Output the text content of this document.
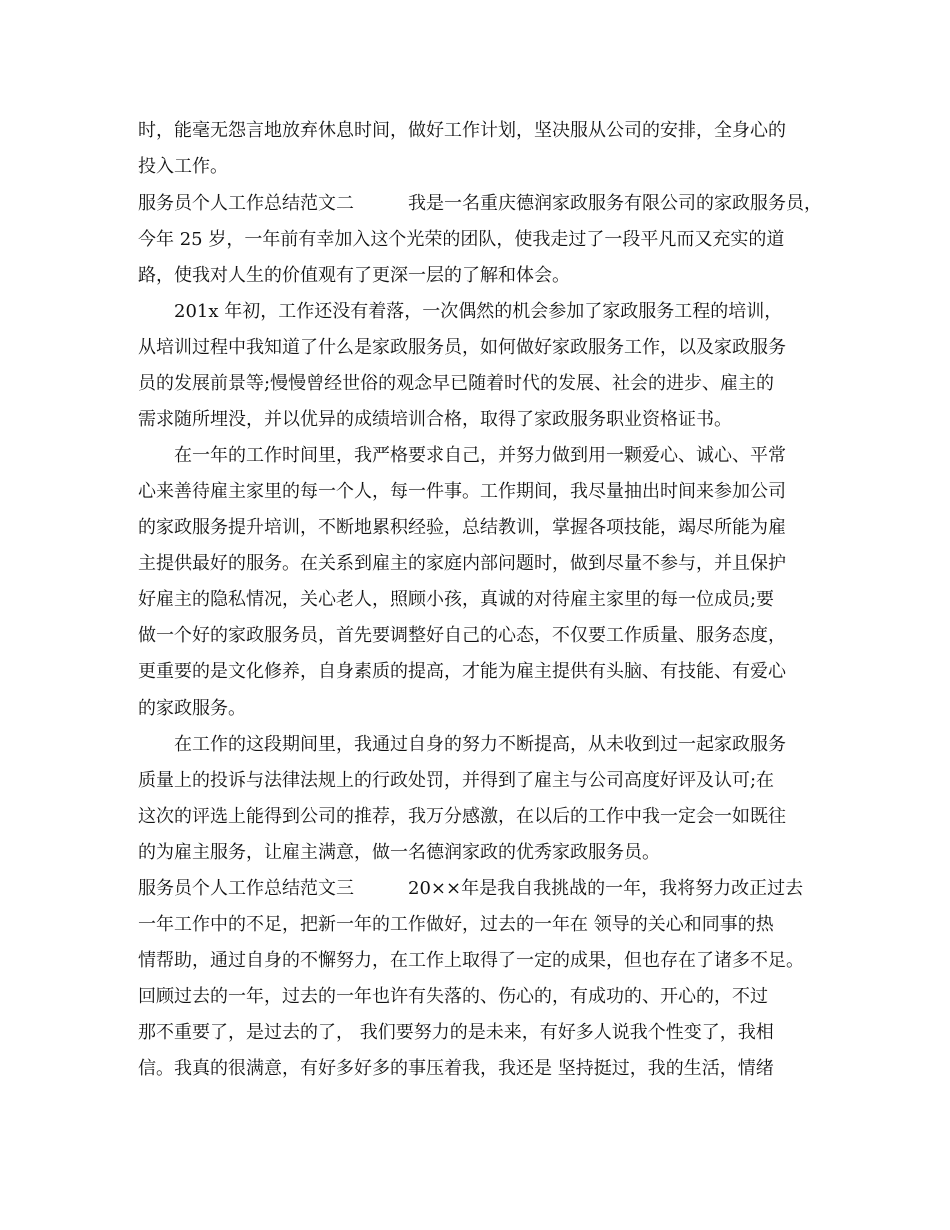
时，能毫无怨言地放弃休息时间，做好工作计划，坚决服从公司的安排，全身心的
投入工作。
服务员个人工作总结范文二　　　我是一名重庆德润家政服务有限公司的家政服务员，
今年 25 岁，一年前有幸加入这个光荣的团队，使我走过了一段平凡而又充实的道
路，使我对人生的价值观有了更深一层的了解和体会。
　　201x 年初，工作还没有着落，一次偶然的机会参加了家政服务工程的培训，
从培训过程中我知道了什么是家政服务员，如何做好家政服务工作，以及家政服务
员的发展前景等;慢慢曾经世俗的观念早已随着时代的发展、社会的进步、雇主的
需求随所埋没，并以优异的成绩培训合格，取得了家政服务职业资格证书。
　　在一年的工作时间里，我严格要求自己，并努力做到用一颗爱心、诚心、平常
心来善待雇主家里的每一个人，每一件事。工作期间，我尽量抽出时间来参加公司
的家政服务提升培训，不断地累积经验，总结教训，掌握各项技能，竭尽所能为雇
主提供最好的服务。在关系到雇主的家庭内部问题时，做到尽量不参与，并且保护
好雇主的隐私情况，关心老人，照顾小孩，真诚的对待雇主家里的每一位成员;要
做一个好的家政服务员，首先要调整好自己的心态，不仅要工作质量、服务态度，
更重要的是文化修养，自身素质的提高，才能为雇主提供有头脑、有技能、有爱心
的家政服务。
　　在工作的这段期间里，我通过自身的努力不断提高，从未收到过一起家政服务
质量上的投诉与法律法规上的行政处罚，并得到了雇主与公司高度好评及认可;在
这次的评选上能得到公司的推荐，我万分感激，在以后的工作中我一定会一如既往
的为雇主服务，让雇主满意，做一名德润家政的优秀家政服务员。
服务员个人工作总结范文三　　　20××年是我自我挑战的一年，我将努力改正过去
一年工作中的不足，把新一年的工作做好，过去的一年在 领导的关心和同事的热
情帮助，通过自身的不懈努力，在工作上取得了一定的成果，但也存在了诸多不足。
回顾过去的一年，过去的一年也许有失落的、伤心的，有成功的、开心的，不过
那不重要了，是过去的了， 我们要努力的是未来，有好多人说我个性变了，我相
信。我真的很满意，有好多好多的事压着我，我还是 坚持挺过，我的生活，情绪
